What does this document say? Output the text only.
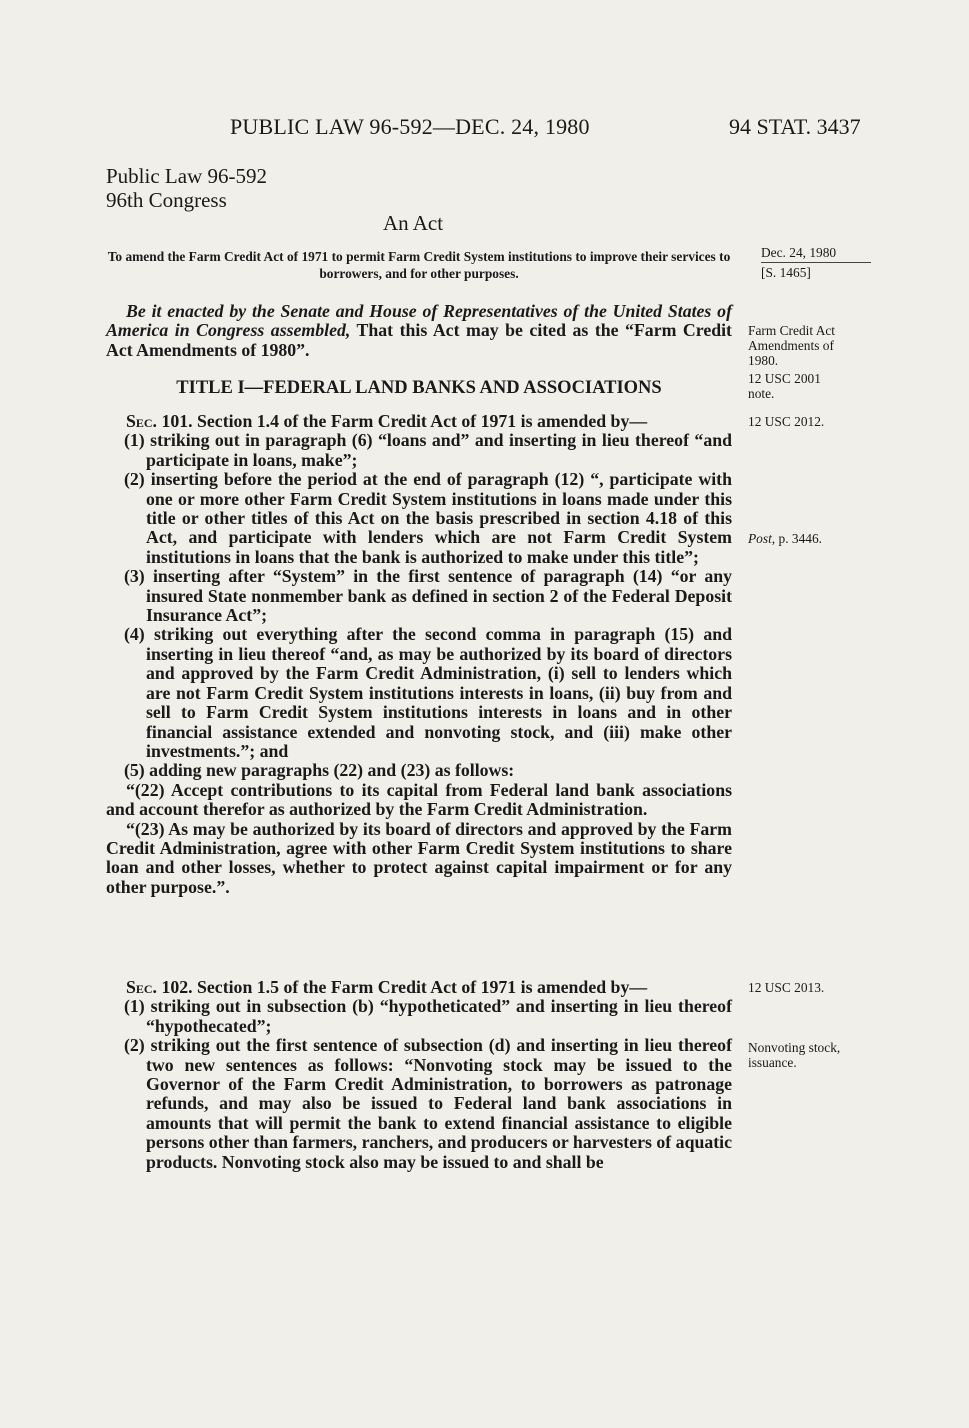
PUBLIC LAW 96-592—DEC. 24, 1980	94 STAT. 3437
Public Law 96-592
96th Congress
An Act
To amend the Farm Credit Act of 1971 to permit Farm Credit System institutions to improve their services to borrowers, and for other purposes.
Dec. 24, 1980
[S. 1465]
Farm Credit Act
Amendments of
1980.
12 USC 2001
note.
12 USC 2012.
Post, p. 3446.
12 USC 2013.
Nonvoting stock,
issuance.
Be it enacted by the Senate and House of Representatives of the United States of America in Congress assembled, That this Act may be cited as the “Farm Credit Act Amendments of 1980”.
TITLE I—FEDERAL LAND BANKS AND ASSOCIATIONS

Sec. 101. Section 1.4 of the Farm Credit Act of 1971 is amended by—

(1) striking out in paragraph (6) “loans and” and inserting in lieu thereof “and participate in loans, make”;

(2) inserting before the period at the end of paragraph (12) “, participate with one or more other Farm Credit System institutions in loans made under this title or other titles of this Act on the basis prescribed in section 4.18 of this Act, and participate with lenders which are not Farm Credit System institutions in loans that the bank is authorized to make under this title”;

(3) inserting after “System” in the first sentence of paragraph (14) “or any insured State nonmember bank as defined in section 2 of the Federal Deposit Insurance Act”;

(4) striking out everything after the second comma in paragraph (15) and inserting in lieu thereof “and, as may be authorized by its board of directors and approved by the Farm Credit Administration, (i) sell to lenders which are not Farm Credit System institutions interests in loans, (ii) buy from and sell to Farm Credit System institutions interests in loans and in other financial assistance extended and nonvoting stock, and (iii) make other investments.”; and

(5) adding new paragraphs (22) and (23) as follows:

“(22) Accept contributions to its capital from Federal land bank associations and account therefor as authorized by the Farm Credit Administration.

“(23) As may be authorized by its board of directors and approved by the Farm Credit Administration, agree with other Farm Credit System institutions to share loan and other losses, whether to protect against capital impairment or for any other purpose.”.

Sec. 102. Section 1.5 of the Farm Credit Act of 1971 is amended by—

(1) striking out in subsection (b) “hypotheticated” and inserting in lieu thereof “hypothecated”;

(2) striking out the first sentence of subsection (d) and inserting in lieu thereof two new sentences as follows: “Nonvoting stock may be issued to the Governor of the Farm Credit Administration, to borrowers as patronage refunds, and may also be issued to Federal land bank associations in amounts that will permit the bank to extend financial assistance to eligible persons other than farmers, ranchers, and producers or harvesters of aquatic products. Nonvoting stock also may be issued to and shall be
